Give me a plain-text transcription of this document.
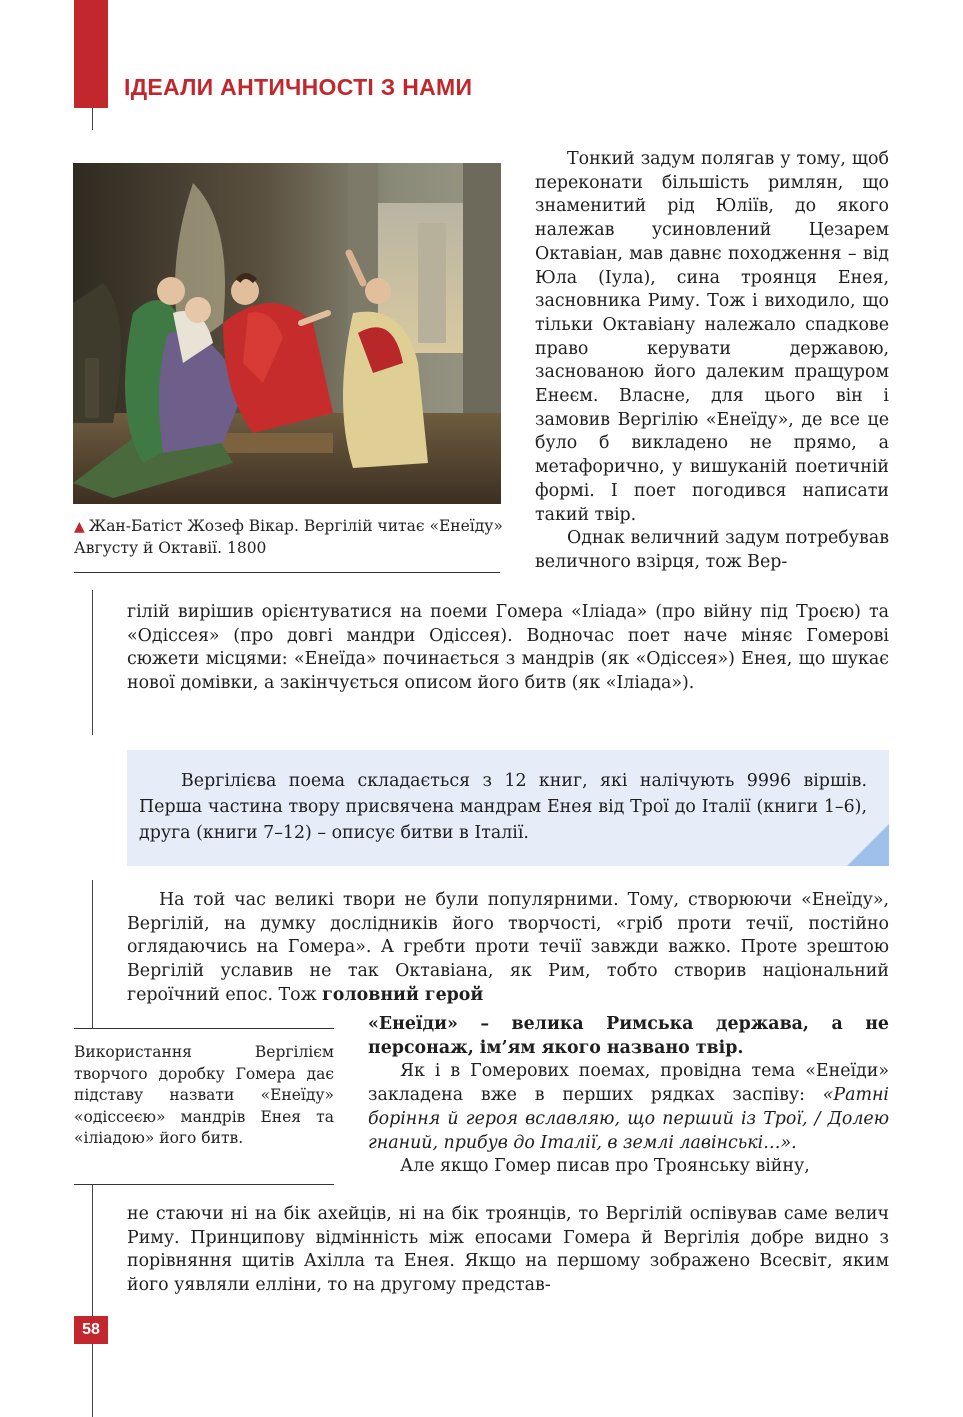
ІДЕАЛИ АНТИЧНОСТІ З НАМИ

▲ Жан-Батіст Жозеф Вікар. Вергілій читає «Енеїду» Августу й Октавії. 1800

Тонкий задум полягав у тому, щоб переконати більшість римлян, що знаменитий рід Юліїв, до якого належав усиновлений Цезарем Октавіан, мав давнє походження – від Юла (Іула), сина троянця Енея, засновника Риму. Тож і виходило, що тільки Октавіану належало спадкове право керувати державою, заснованою його далеким пращуром Енеєм. Власне, для цього він і замовив Вергілію «Енеїду», де все це було б викладено не прямо, а метафорично, у вишуканій поетичній формі. І поет погодився написати такий твір.

Однак величний задум потребував величного взірця, тож Вер-

гілій вирішив орієнтуватися на поеми Гомера «Іліада» (про війну під Троєю) та «Одіссея» (про довгі мандри Одіссея). Водночас поет наче міняє Гомерові сюжети місцями: «Енеїда» починається з мандрів (як «Одіссея») Енея, що шукає нової домівки, а закінчується описом його битв (як «Іліада»).

Вергілієва поема складається з 12 книг, які налічують 9996 віршів. Перша частина твору присвячена мандрам Енея від Трої до Італії (книги 1–6), друга (книги 7–12) – описує битви в Італії.

На той час великі твори не були популярними. Тому, створюючи «Енеїду», Вергілій, на думку дослідників його творчості, «гріб проти течії, постійно оглядаючись на Гомера». А гребти проти течії завжди важко. Проте зрештою Вергілій уславив не так Октавіана, як Рим, тобто створив національний героїчний епос. Тож головний герой

Використання Вергілієм творчого доробку Гомера дає підставу назвати «Енеїду» «одіссеєю» мандрів Енея та «іліадою» його битв.

«Енеїди» – велика Римська держава, а не персонаж, ім’ям якого названо твір.

Як і в Гомерових поемах, провідна тема «Енеїди» закладена вже в перших рядках заспіву: «Ратні боріння й героя вславляю, що перший із Трої, / Долею гнаний, прибув до Італії, в землі лавінські…».

Але якщо Гомер писав про Троянську війну,

не стаючи ні на бік ахейців, ні на бік троянців, то Вергілій оспівував саме велич Риму. Принципову відмінність між епосами Гомера й Вергілія добре видно з порівняння щитів Ахілла та Енея. Якщо на першому зображено Всесвіт, яким його уявляли елліни, то на другому представ-

58
